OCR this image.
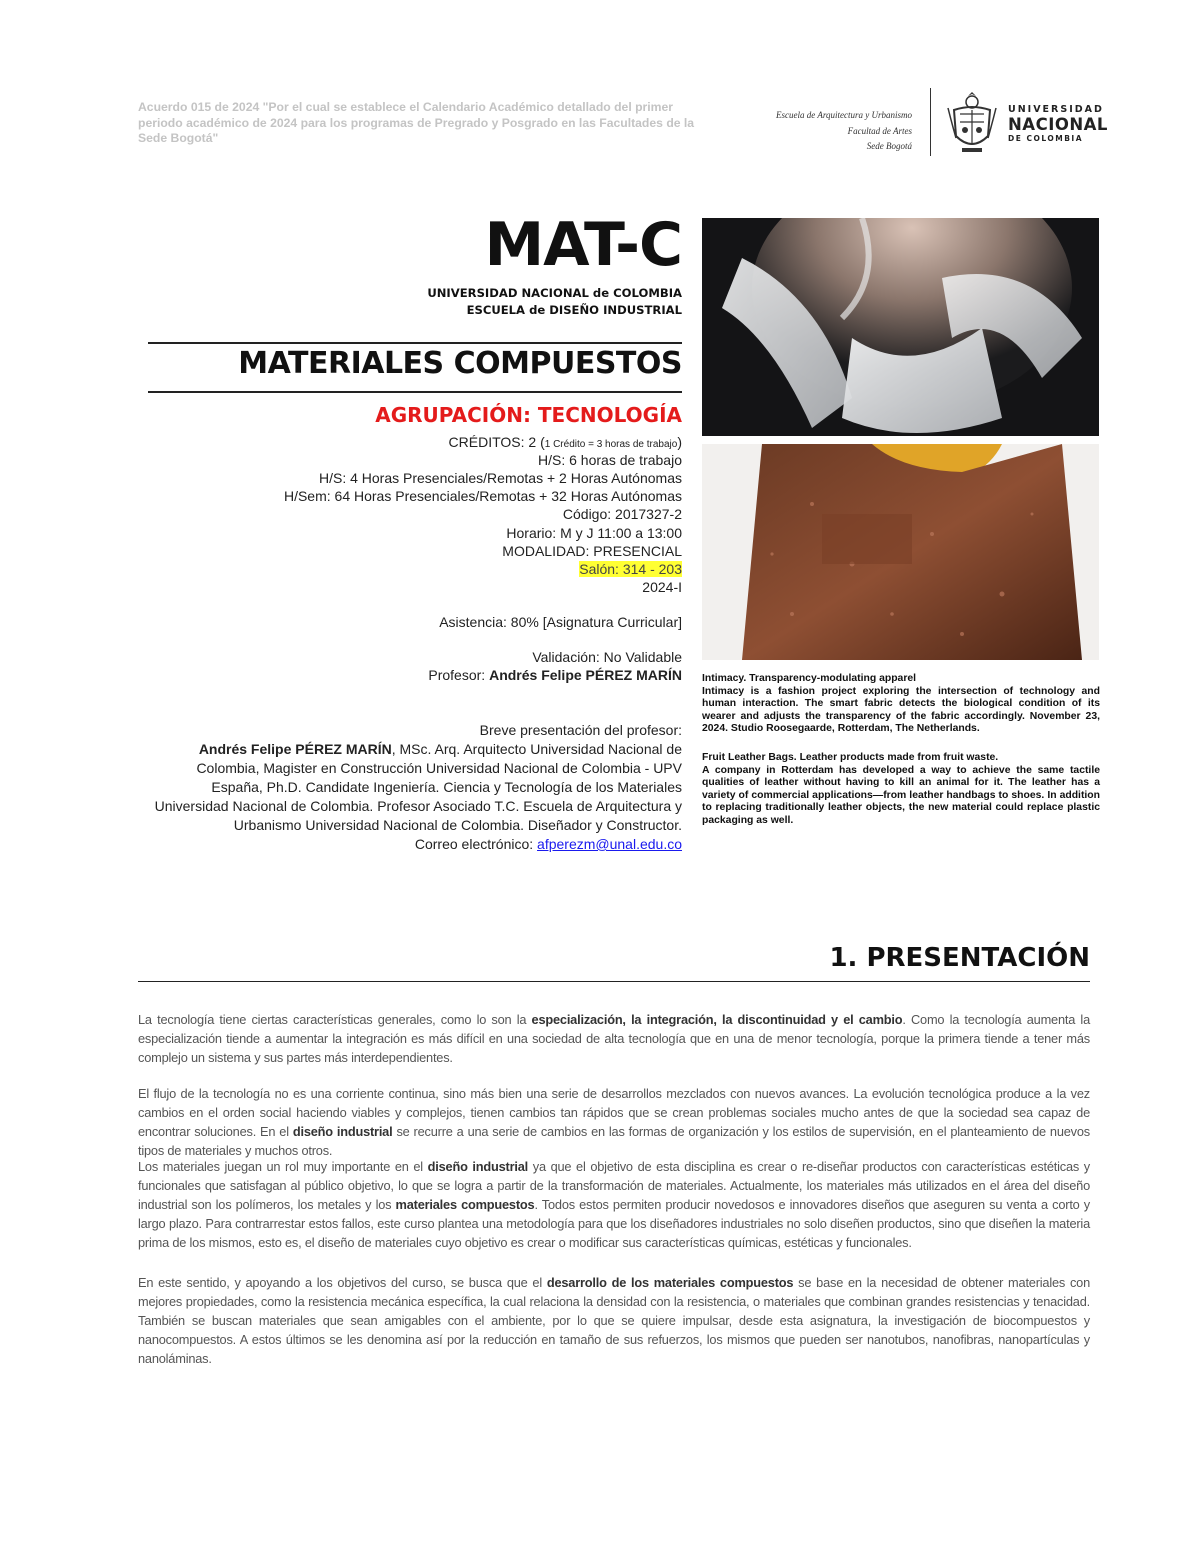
Acuerdo 015 de 2024 "Por el cual se establece el Calendario Académico detallado del primer periodo académico de 2024 para los programas de Pregrado y Posgrado en las Facultades de la Sede Bogotá"
Escuela de Arquitectura y Urbanismo
Facultad de Artes
Sede Bogotá
UNIVERSIDAD
NACIONAL
DE COLOMBIA
MAT-C
UNIVERSIDAD NACIONAL de COLOMBIA
ESCUELA de DISEÑO INDUSTRIAL
MATERIALES COMPUESTOS
AGRUPACIÓN: TECNOLOGÍA
CRÉDITOS: 2 (1 Crédito = 3 horas de trabajo)
H/S: 6 horas de trabajo
H/S: 4 Horas Presenciales/Remotas + 2 Horas Autónomas
H/Sem: 64 Horas Presenciales/Remotas + 32 Horas Autónomas
Código: 2017327-2
Horario: M y J 11:00 a 13:00
MODALIDAD: PRESENCIAL
Salón: 314 - 203
2024-I
Asistencia: 80% [Asignatura Curricular]
Validación: No Validable
Profesor: Andrés Felipe PÉREZ MARÍN
Breve presentación del profesor:
Andrés Felipe PÉREZ MARÍN, MSc. Arq. Arquitecto Universidad Nacional de Colombia, Magister en Construcción Universidad Nacional de Colombia - UPV España, Ph.D. Candidate Ingeniería. Ciencia y Tecnología de los Materiales Universidad Nacional de Colombia. Profesor Asociado T.C. Escuela de Arquitectura y Urbanismo Universidad Nacional de Colombia. Diseñador y Constructor.
Correo electrónico: afperezm@unal.edu.co
Intimacy. Transparency-modulating apparel
Intimacy is a fashion project exploring the intersection of technology and human interaction. The smart fabric detects the biological condition of its wearer and adjusts the transparency of the fabric accordingly. November 23, 2024. Studio Roosegaarde, Rotterdam, The Netherlands.
Fruit Leather Bags. Leather products made from fruit waste.
A company in Rotterdam has developed a way to achieve the same tactile qualities of leather without having to kill an animal for it. The leather has a variety of commercial applications—from leather handbags to shoes. In addition to replacing traditionally leather objects, the new material could replace plastic packaging as well.
1. PRESENTACIÓN
La tecnología tiene ciertas características generales, como lo son la especialización, la integración, la discontinuidad y el cambio. Como la tecnología aumenta la especialización tiende a aumentar la integración es más difícil en una sociedad de alta tecnología que en una de menor tecnología, porque la primera tiende a tener más complejo un sistema y sus partes más interdependientes.
El flujo de la tecnología no es una corriente continua, sino más bien una serie de desarrollos mezclados con nuevos avances. La evolución tecnológica produce a la vez cambios en el orden social haciendo viables y complejos, tienen cambios tan rápidos que se crean problemas sociales mucho antes de que la sociedad sea capaz de encontrar soluciones. En el diseño industrial se recurre a una serie de cambios en las formas de organización y los estilos de supervisión, en el planteamiento de nuevos tipos de materiales y muchos otros.
Los materiales juegan un rol muy importante en el diseño industrial ya que el objetivo de esta disciplina es crear o re-diseñar productos con características estéticas y funcionales que satisfagan al público objetivo, lo que se logra a partir de la transformación de materiales. Actualmente, los materiales más utilizados en el área del diseño industrial son los polímeros, los metales y los materiales compuestos. Todos estos permiten producir novedosos e innovadores diseños que aseguren su venta a corto y largo plazo. Para contrarrestar estos fallos, este curso plantea una metodología para que los diseñadores industriales no solo diseñen productos, sino que diseñen la materia prima de los mismos, esto es, el diseño de materiales cuyo objetivo es crear o modificar sus características químicas, estéticas y funcionales.
En este sentido, y apoyando a los objetivos del curso, se busca que el desarrollo de los materiales compuestos se base en la necesidad de obtener materiales con mejores propiedades, como la resistencia mecánica específica, la cual relaciona la densidad con la resistencia, o materiales que combinan grandes resistencias y tenacidad. También se buscan materiales que sean amigables con el ambiente, por lo que se quiere impulsar, desde esta asignatura, la investigación de biocompuestos y nanocompuestos. A estos últimos se les denomina así por la reducción en tamaño de sus refuerzos, los mismos que pueden ser nanotubos, nanofibras, nanopartículas y nanoláminas.
